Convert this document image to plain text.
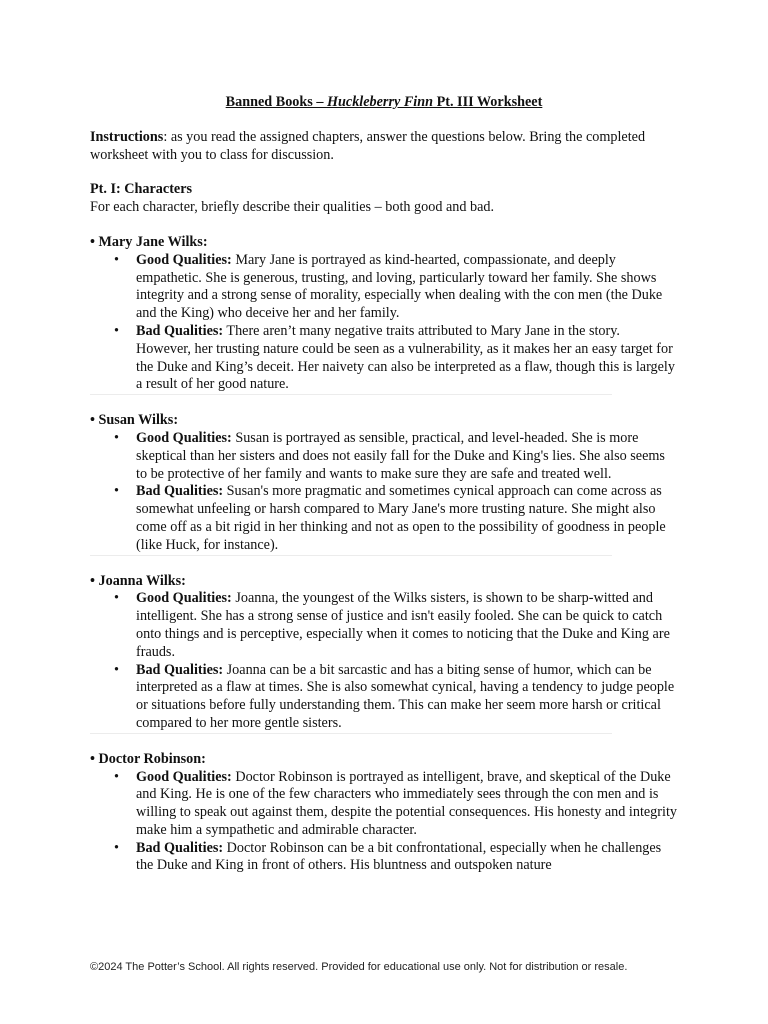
Banned Books – Huckleberry Finn Pt. III Worksheet
Instructions: as you read the assigned chapters, answer the questions below. Bring the completed worksheet with you to class for discussion.
Pt. I: Characters
For each character, briefly describe their qualities – both good and bad.
• Mary Jane Wilks:
• Good Qualities: Mary Jane is portrayed as kind-hearted, compassionate, and deeply empathetic. She is generous, trusting, and loving, particularly toward her family. She shows integrity and a strong sense of morality, especially when dealing with the con men (the Duke and the King) who deceive her and her family.
• Bad Qualities: There aren’t many negative traits attributed to Mary Jane in the story. However, her trusting nature could be seen as a vulnerability, as it makes her an easy target for the Duke and King’s deceit. Her naivety can also be interpreted as a flaw, though this is largely a result of her good nature.
• Susan Wilks:
• Good Qualities: Susan is portrayed as sensible, practical, and level-headed. She is more skeptical than her sisters and does not easily fall for the Duke and King's lies. She also seems to be protective of her family and wants to make sure they are safe and treated well.
• Bad Qualities: Susan's more pragmatic and sometimes cynical approach can come across as somewhat unfeeling or harsh compared to Mary Jane's more trusting nature. She might also come off as a bit rigid in her thinking and not as open to the possibility of goodness in people (like Huck, for instance).
• Joanna Wilks:
• Good Qualities: Joanna, the youngest of the Wilks sisters, is shown to be sharp-witted and intelligent. She has a strong sense of justice and isn't easily fooled. She can be quick to catch onto things and is perceptive, especially when it comes to noticing that the Duke and King are frauds.
• Bad Qualities: Joanna can be a bit sarcastic and has a biting sense of humor, which can be interpreted as a flaw at times. She is also somewhat cynical, having a tendency to judge people or situations before fully understanding them. This can make her seem more harsh or critical compared to her more gentle sisters.
• Doctor Robinson:
• Good Qualities: Doctor Robinson is portrayed as intelligent, brave, and skeptical of the Duke and King. He is one of the few characters who immediately sees through the con men and is willing to speak out against them, despite the potential consequences. His honesty and integrity make him a sympathetic and admirable character.
• Bad Qualities: Doctor Robinson can be a bit confrontational, especially when he challenges the Duke and King in front of others. His bluntness and outspoken nature
©2024 The Potter’s School. All rights reserved. Provided for educational use only. Not for distribution or resale.
